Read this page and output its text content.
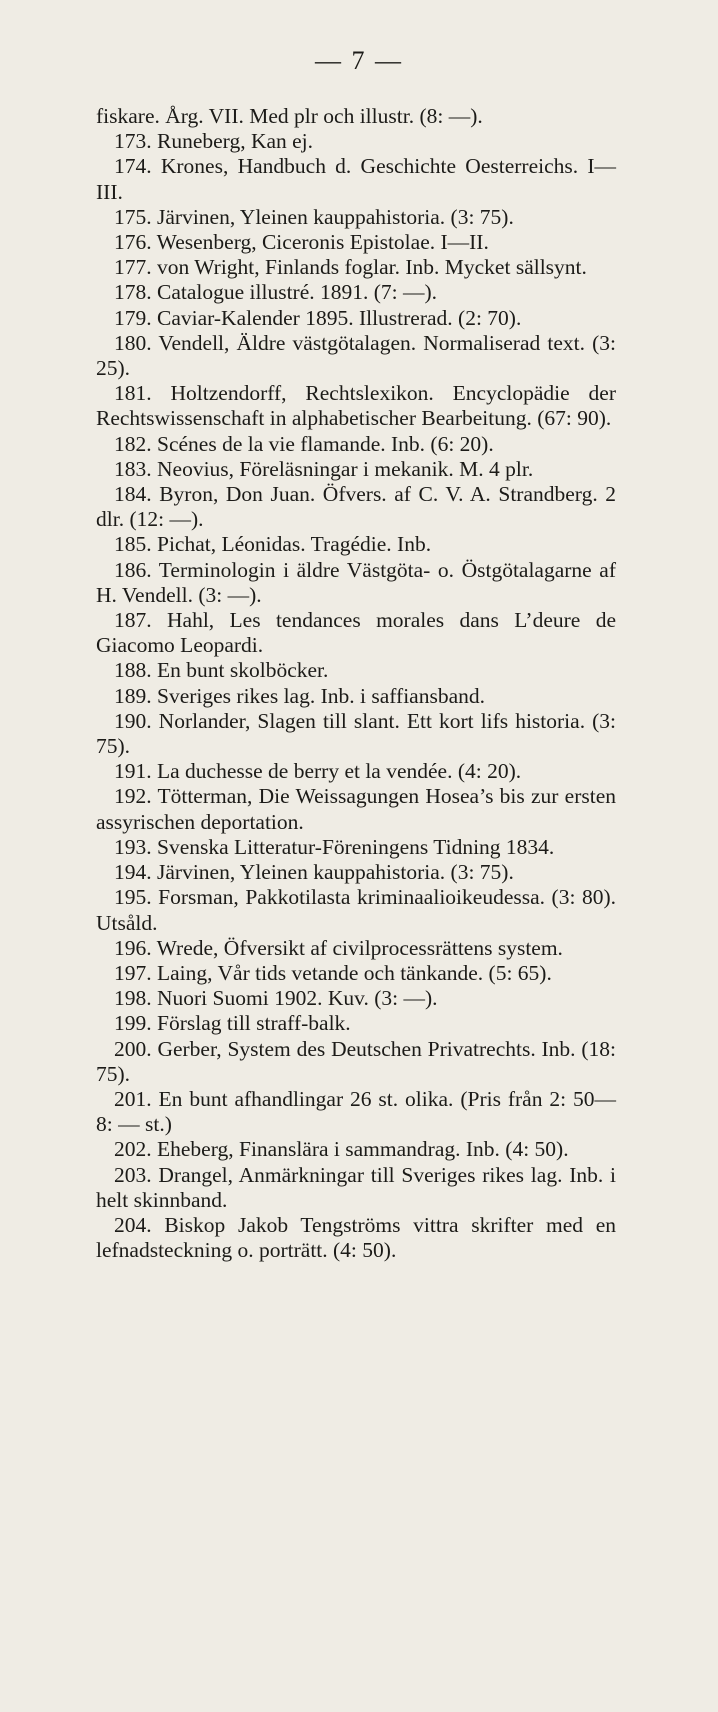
— 7 —
fiskare. Årg. VII. Med plr och illustr. (8: —).
173. Runeberg, Kan ej.
174. Krones, Handbuch d. Geschichte Oesterreichs. I—III.
175. Järvinen, Yleinen kauppahistoria. (3: 75).
176. Wesenberg, Ciceronis Epistolae. I—II.
177. von Wright, Finlands foglar. Inb. Mycket sällsynt.
178. Catalogue illustré. 1891. (7: —).
179. Caviar-Kalender 1895. Illustrerad. (2: 70).
180. Vendell, Äldre västgötalagen. Normaliserad text. (3: 25).
181. Holtzendorff, Rechtslexikon. Encyclopädie der Rechtswissenschaft in alphabetischer Bearbeitung. (67: 90).
182. Scénes de la vie flamande. Inb. (6: 20).
183. Neovius, Föreläsningar i mekanik. M. 4 plr.
184. Byron, Don Juan. Öfvers. af C. V. A. Strandberg. 2 dlr. (12: —).
185. Pichat, Léonidas. Tragédie. Inb.
186. Terminologin i äldre Västgöta- o. Östgötalagarne af H. Vendell. (3: —).
187. Hahl, Les tendances morales dans L’deure de Giacomo Leopardi.
188. En bunt skolböcker.
189. Sveriges rikes lag. Inb. i saffiansband.
190. Norlander, Slagen till slant. Ett kort lifs historia. (3: 75).
191. La duchesse de berry et la vendée. (4: 20).
192. Tötterman, Die Weissagungen Hosea’s bis zur ersten assyrischen deportation.
193. Svenska Litteratur-Föreningens Tidning 1834.
194. Järvinen, Yleinen kauppahistoria. (3: 75).
195. Forsman, Pakkotilasta kriminaalioikeudessa. (3: 80). Utsåld.
196. Wrede, Öfversikt af civilprocessrättens system.
197. Laing, Vår tids vetande och tänkande. (5: 65).
198. Nuori Suomi 1902. Kuv. (3: —).
199. Förslag till straff-balk.
200. Gerber, System des Deutschen Privatrechts. Inb. (18: 75).
201. En bunt afhandlingar 26 st. olika. (Pris från 2: 50—8: — st.)
202. Eheberg, Finanslära i sammandrag. Inb. (4: 50).
203. Drangel, Anmärkningar till Sveriges rikes lag. Inb. i helt skinnband.
204. Biskop Jakob Tengströms vittra skrifter med en lefnadsteckning o. porträtt. (4: 50).
